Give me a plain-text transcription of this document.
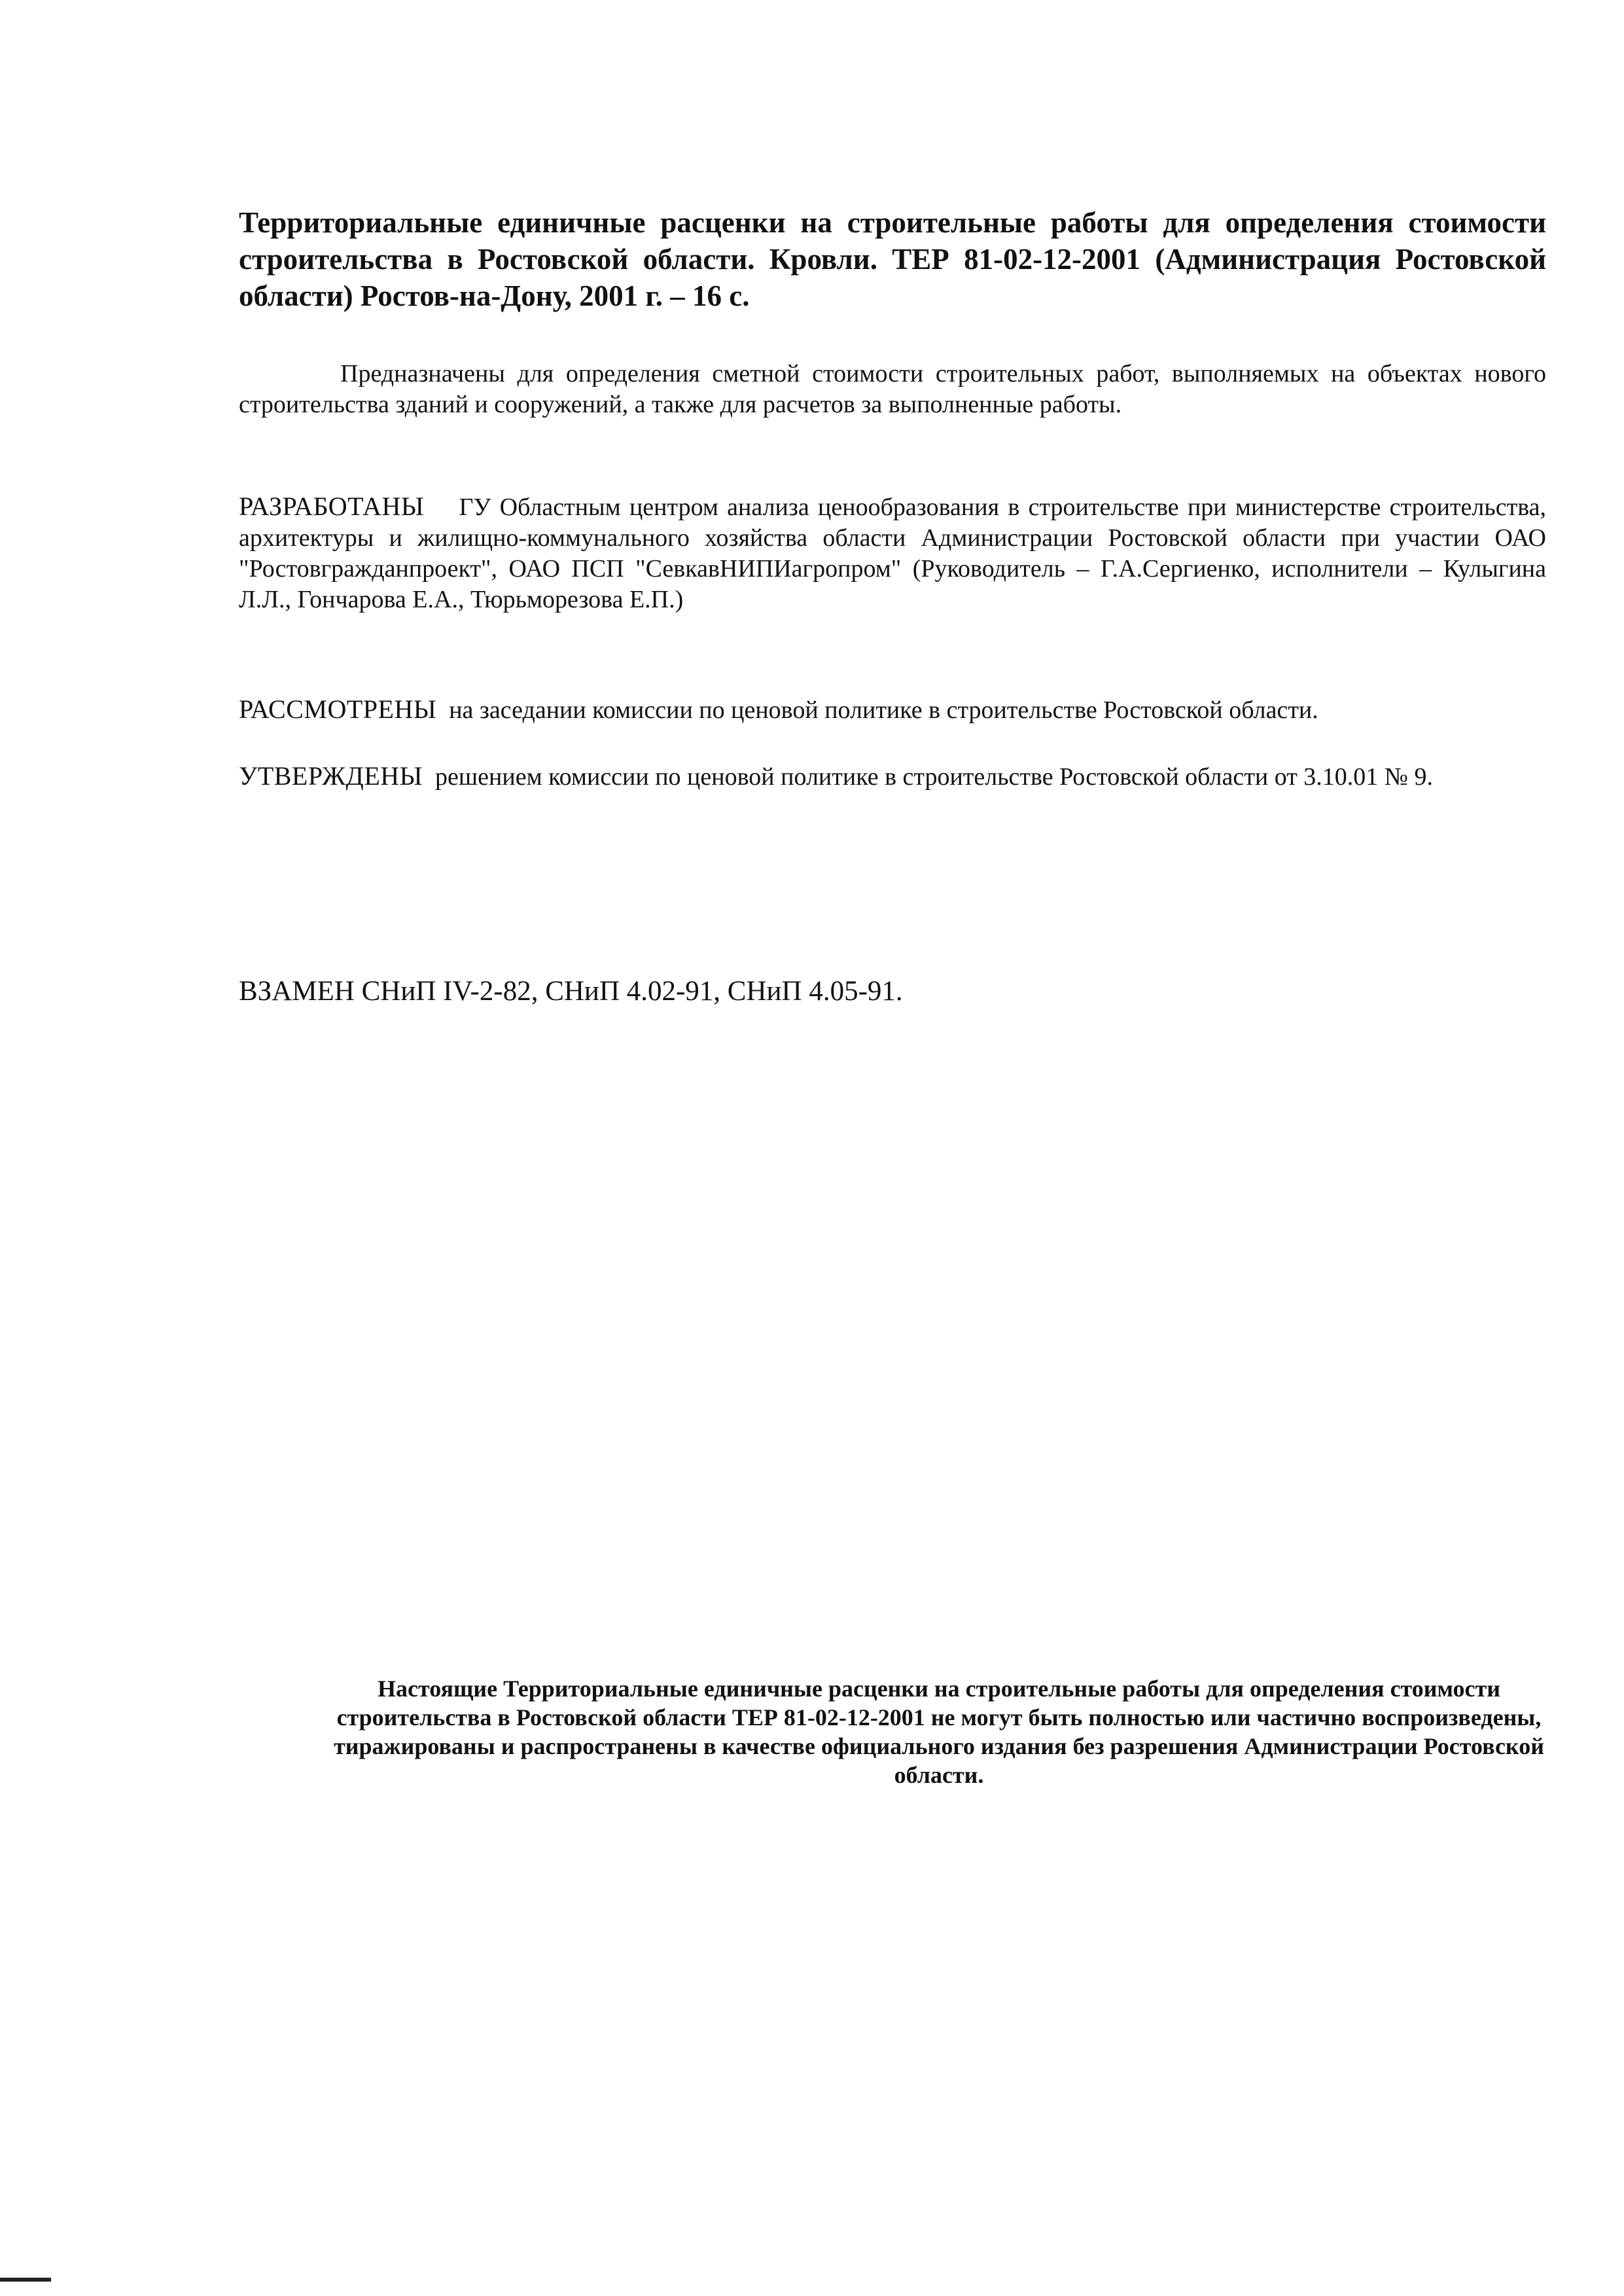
Территориальные единичные расценки на строительные работы для определения стоимости строительства в Ростовской области. Кровли. ТЕР 81-02-12-2001 (Администрация Ростовской области) Ростов-на-Дону, 2001 г. – 16 с.

Предназначены для определения сметной стоимости строительных работ, выполняемых на объектах нового строительства зданий и сооружений, а также для расчетов за выполненные работы.

РАЗРАБОТАНЫ ГУ Областным центром анализа ценообразования в строительстве при министерстве строительства, архитектуры и жилищно-коммунального хозяйства области Администрации Ростовской области при участии ОАО "Ростовгражданпроект", ОАО ПСП "СевкавНИПИагропром" (Руководитель – Г.А.Сергиенко, исполнители – Кулыгина Л.Л., Гончарова Е.А., Тюрьморезова Е.П.)

РАССМОТРЕНЫ на заседании комиссии по ценовой политике в строительстве Ростовской области.

УТВЕРЖДЕНЫ решением комиссии по ценовой политике в строительстве Ростовской области от 3.10.01 № 9.

ВЗАМЕН СНиП IV-2-82, СНиП 4.02-91, СНиП 4.05-91.

Настоящие Территориальные единичные расценки на строительные работы для определения стоимости строительства в Ростовской области ТЕР 81-02-12-2001 не могут быть полностью или частично воспроизведены, тиражированы и распространены в качестве официального издания без разрешения Администрации Ростовской области.
